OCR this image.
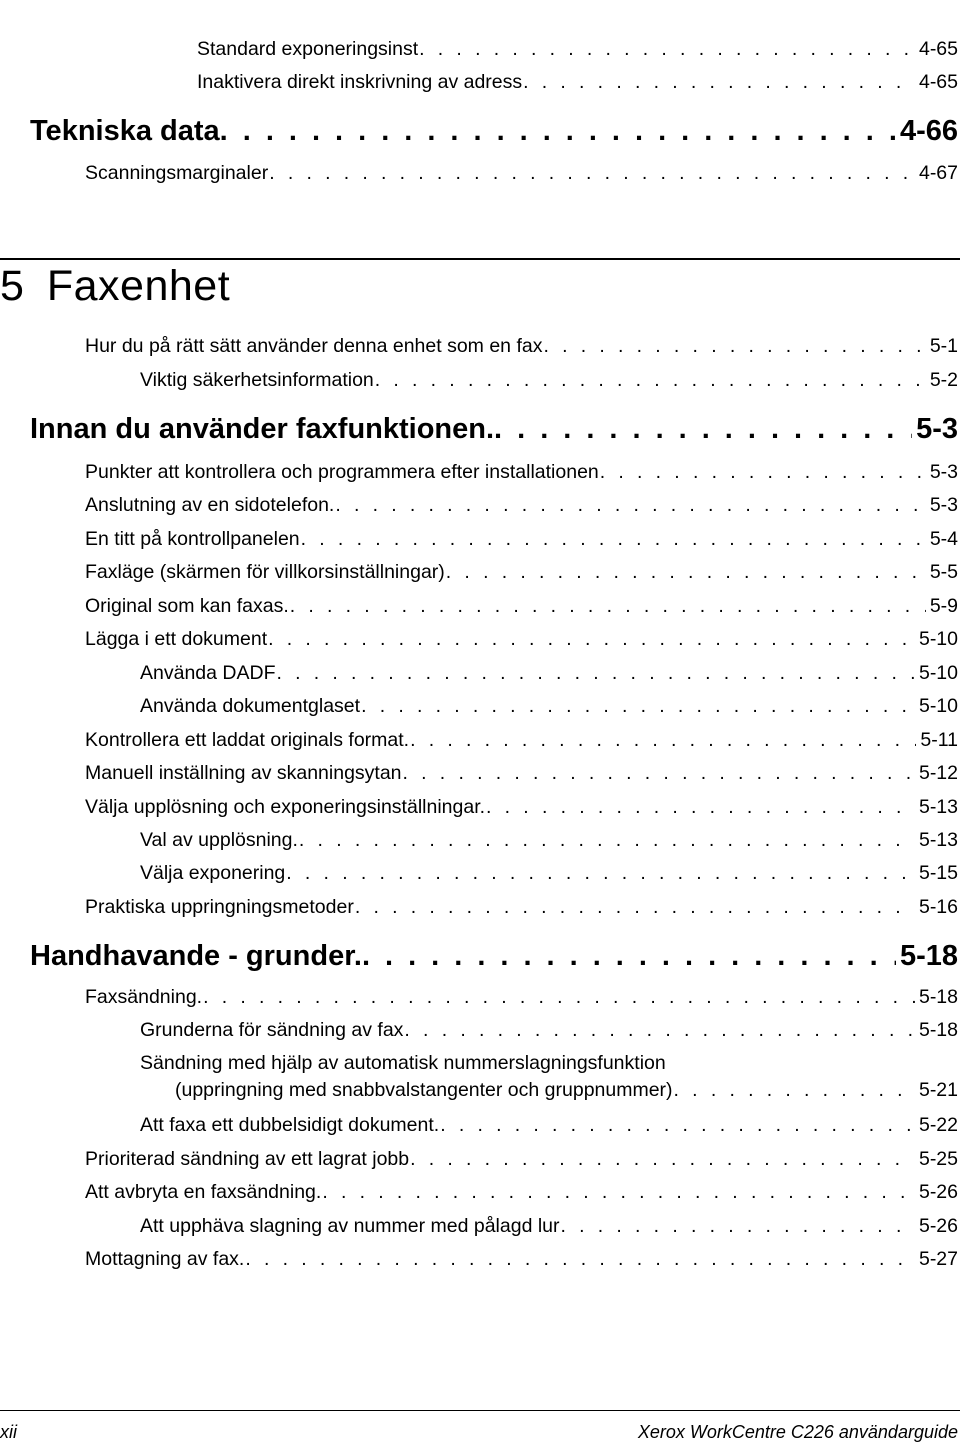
Standard exponeringsinst . . .	4-65
Inaktivera direkt inskrivning av adress . . .	4-65
Tekniska data . . .	4-66
Scanningsmarginaler . . .	4-67
5 Faxenhet
Hur du på rätt sätt använder denna enhet som en fax . . .	5-1
Viktig säkerhetsinformation . . .	5-2
Innan du använder faxfunktionen. . . .	5-3
Punkter att kontrollera och programmera efter installationen . . .	5-3
Anslutning av en sidotelefon. . . .	5-3
En titt på kontrollpanelen . . .	5-4
Faxläge (skärmen för villkorsinställningar) . . .	5-5
Original som kan faxas. . . .	5-9
Lägga i ett dokument . . .	5-10
Använda DADF . . .	5-10
Använda dokumentglaset . . .	5-10
Kontrollera ett laddat originals format. . . .	5-11
Manuell inställning av skanningsytan . . .	5-12
Välja upplösning och exponeringsinställningar. . . .	5-13
Val av upplösning. . . .	5-13
Välja exponering . . .	5-15
Praktiska uppringningsmetoder . . .	5-16
Handhavande - grunder. . . .	5-18
Faxsändning. . . .	5-18
Grunderna för sändning av fax . . .	5-18
Sändning med hjälp av automatisk nummerslagningsfunktion
(uppringning med snabbvalstangenter och gruppnummer) . . .	5-21
Att faxa ett dubbelsidigt dokument. . . .	5-22
Prioriterad sändning av ett lagrat jobb . . .	5-25
Att avbryta en faxsändning. . . .	5-26
Att upphäva slagning av nummer med pålagd lur . . .	5-26
Mottagning av fax. . . .	5-27
xii	Xerox WorkCentre C226 användarguide
